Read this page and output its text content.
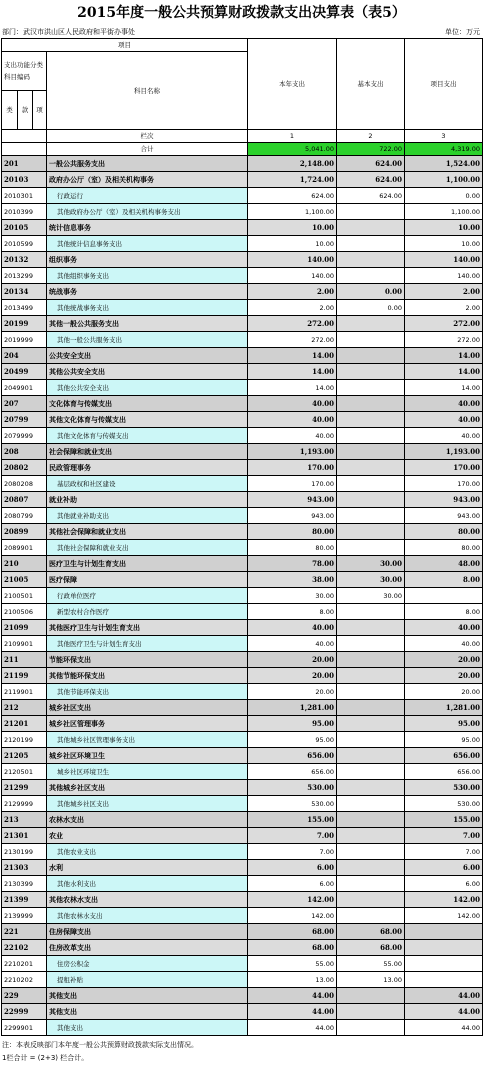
2015年度一般公共预算财政拨款支出决算表（表5）
部门：武汉市洪山区人民政府和平街办事处	单位：万元
项目				本年支出	基本支出	项目支出
支出功能分类科目编码			科目名称			
类	款	项				
			栏次	1	2	3
			合计	5,041.00	722.00	4,319.00
201			一般公共服务支出	2,148.00	624.00	1,524.00
20103			政府办公厅（室）及相关机构事务	1,724.00	624.00	1,100.00
2010301			行政运行	624.00	624.00	0.00
2010399			其他政府办公厅（室）及相关机构事务支出	1,100.00		1,100.00
20105			统计信息事务	10.00		10.00
2010599			其他统计信息事务支出	10.00		10.00
20132			组织事务	140.00		140.00
2013299			其他组织事务支出	140.00		140.00
20134			统战事务	2.00	0.00	2.00
2013499			其他统战事务支出	2.00	0.00	2.00
20199			其他一般公共服务支出	272.00		272.00
2019999			其他一般公共服务支出	272.00		272.00
204			公共安全支出	14.00		14.00
20499			其他公共安全支出	14.00		14.00
2049901			其他公共安全支出	14.00		14.00
207			文化体育与传媒支出	40.00		40.00
20799			其他文化体育与传媒支出	40.00		40.00
2079999			其他文化体育与传媒支出	40.00		40.00
208			社会保障和就业支出	1,193.00		1,193.00
20802			民政管理事务	170.00		170.00
2080208			基层政权和社区建设	170.00		170.00
20807			就业补助	943.00		943.00
2080799			其他就业补助支出	943.00		943.00
20899			其他社会保障和就业支出	80.00		80.00
2089901			其他社会保障和就业支出	80.00		80.00
210			医疗卫生与计划生育支出	78.00	30.00	48.00
21005			医疗保障	38.00	30.00	8.00
2100501			行政单位医疗	30.00	30.00	
2100506			新型农村合作医疗	8.00		8.00
21099			其他医疗卫生与计划生育支出	40.00		40.00
2109901			其他医疗卫生与计划生育支出	40.00		40.00
211			节能环保支出	20.00		20.00
21199			其他节能环保支出	20.00		20.00
2119901			其他节能环保支出	20.00		20.00
212			城乡社区支出	1,281.00		1,281.00
21201			城乡社区管理事务	95.00		95.00
2120199			其他城乡社区管理事务支出	95.00		95.00
21205			城乡社区环境卫生	656.00		656.00
2120501			城乡社区环境卫生	656.00		656.00
21299			其他城乡社区支出	530.00		530.00
2129999			其他城乡社区支出	530.00		530.00
213			农林水支出	155.00		155.00
21301			农业	7.00		7.00
2130199			其他农业支出	7.00		7.00
21303			水利	6.00		6.00
2130399			其他水利支出	6.00		6.00
21399			其他农林水支出	142.00		142.00
2139999			其他农林水支出	142.00		142.00
221			住房保障支出	68.00	68.00	
22102			住房改革支出	68.00	68.00	
2210201			住房公积金	55.00	55.00	
2210202			提租补贴	13.00	13.00	
229			其他支出	44.00		44.00
22999			其他支出	44.00		44.00
2299901			其他支出	44.00		44.00
注：本表反映部门本年度一般公共预算财政拨款实际支出情况。
1栏合计 = (2+3) 栏合计。
